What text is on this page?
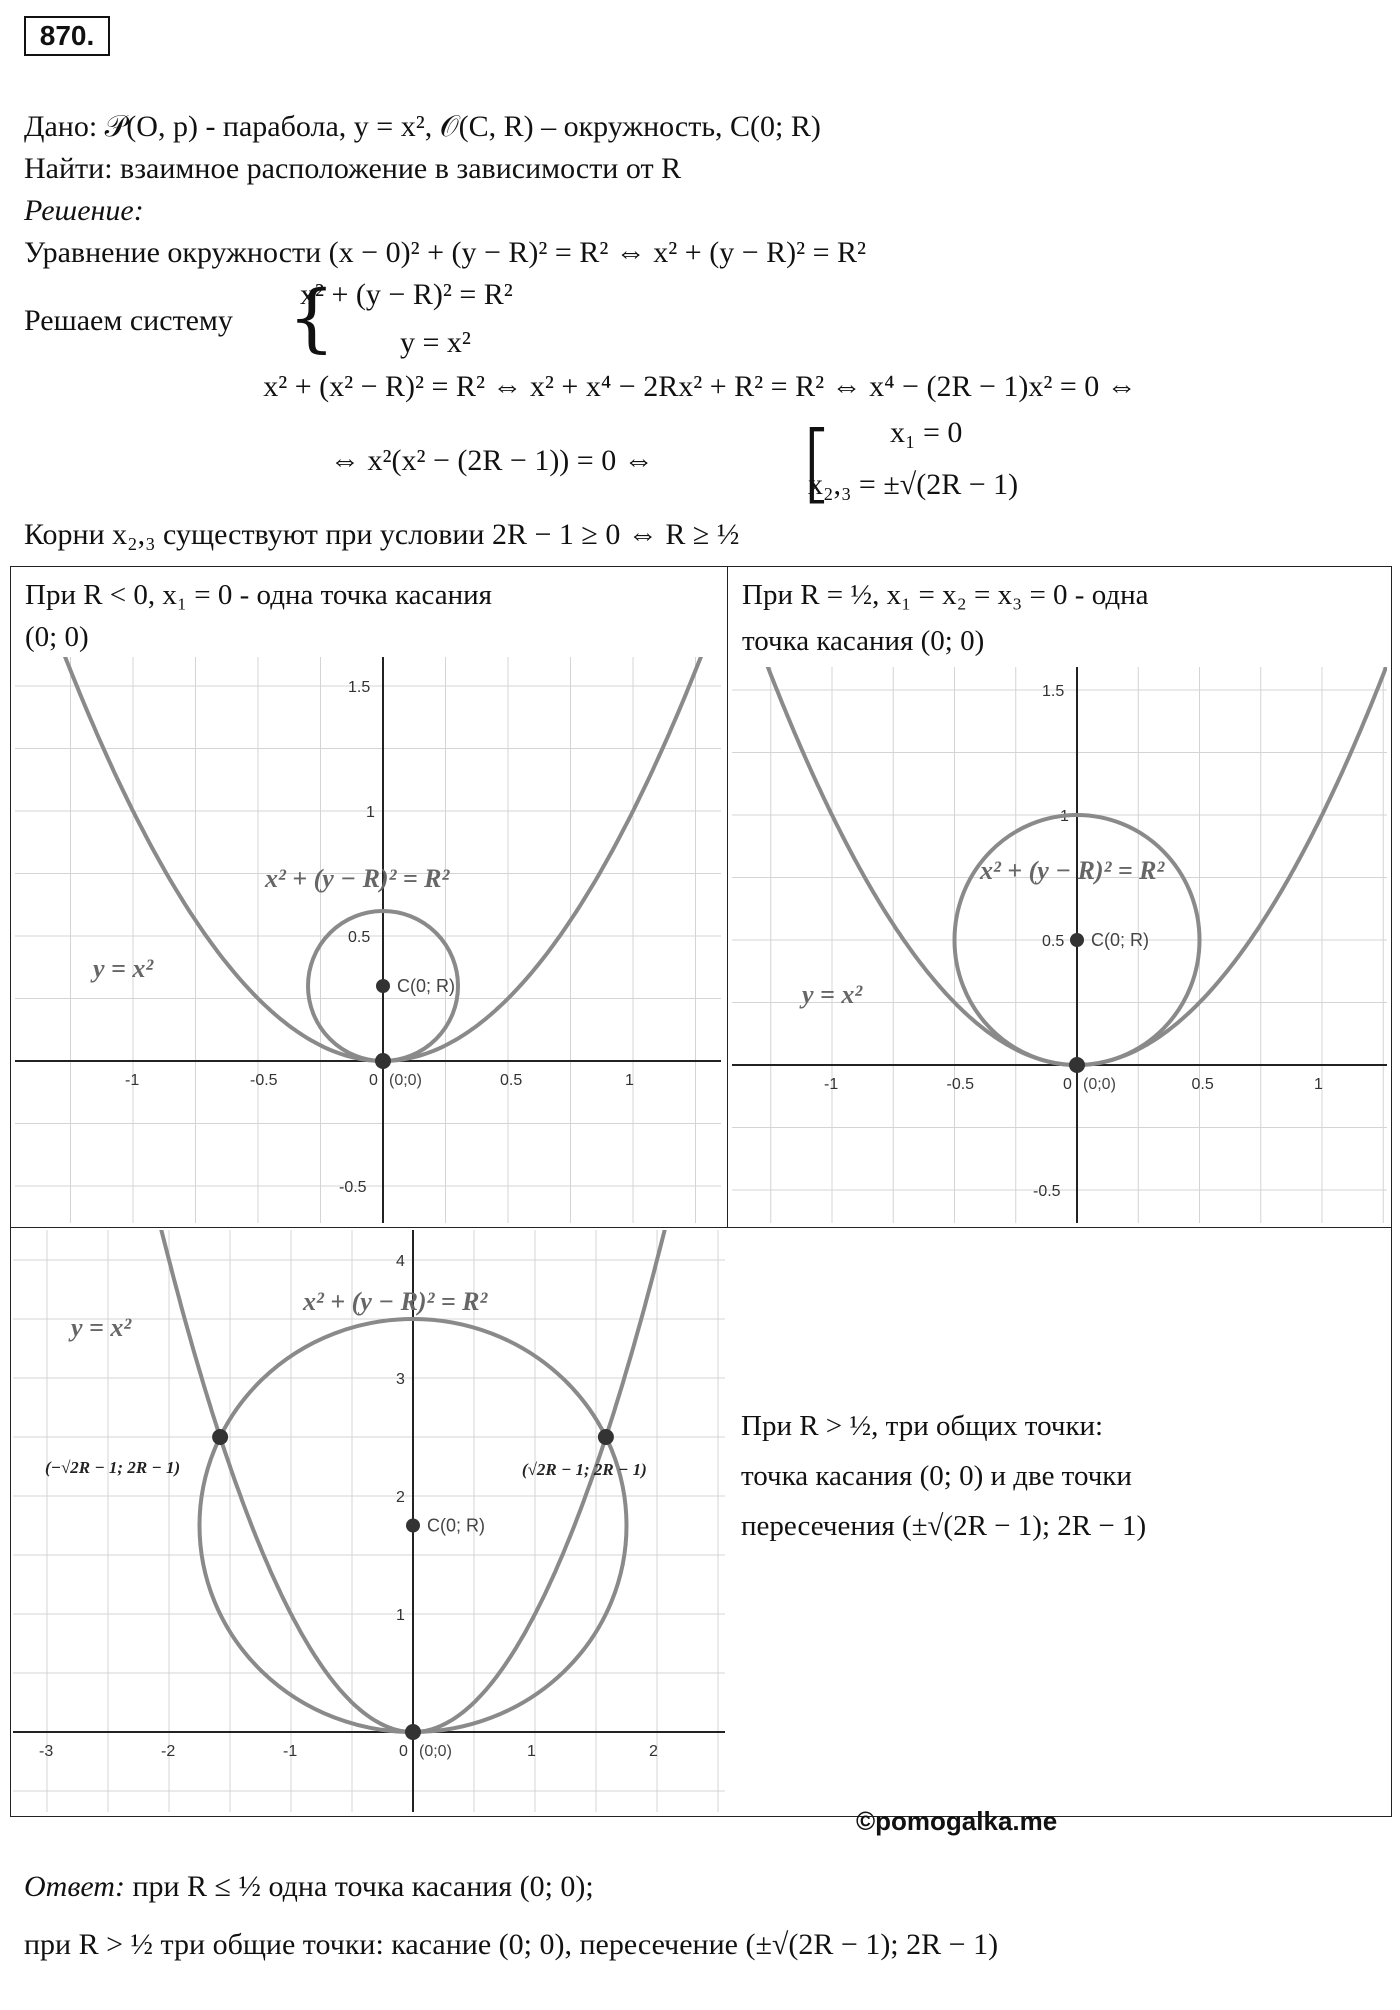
870.
Дано: 𝒫(O, p) - парабола, y = x², 𝒪(C, R) – окружность, C(0; R)
Найти: взаимное расположение в зависимости от R
Решение:
Уравнение окружности (x − 0)² + (y − R)² = R² ⇔ x² + (y − R)² = R²
Решаем систему {
x² + (y − R)² = R²
y = x²
x² + (x² − R)² = R² ⇔ x² + x⁴ − 2Rx² + R² = R² ⇔ x⁴ − (2R − 1)x² = 0 ⇔
⇔ x²(x² − (2R − 1)) = 0 ⇔ [ x₁ = 0
x₂,₃ = ±√(2R − 1)
Корни x₂,₃ существуют при условии 2R − 1 ≥ 0 ⇔ R ≥ ½
При R < 0, x₁ = 0 - одна точка касания
(0; 0)
-1	-0.5	0	0.5	1
1.5
1
0.5
-0.5
C(0; R)
(0;0)
y = x²
x² + (y − R)² = R²
При R = ½, x₁ = x₂ = x₃ = 0 - одна
точка касания (0; 0)
-1	-0.5	0	0.5	1
1.5
1
0.5
-0.5
C(0; R)
(0;0)
y = x²
x² + (y − R)² = R²
-3	-2	-1	0	1	2
4
3
2
1
C(0; R)
(0;0)
y = x²
x² + (y − R)² = R²
(−√2R − 1; 2R − 1)	(√2R − 1; 2R − 1)
При R > ½, три общих точки:
точка касания (0; 0) и две точки
пересечения (±√(2R − 1); 2R − 1)
©pomogalka.me
Ответ: при R ≤ ½ одна точка касания (0; 0);
при R > ½ три общие точки: касание (0; 0), пересечение (±√(2R − 1); 2R − 1)
